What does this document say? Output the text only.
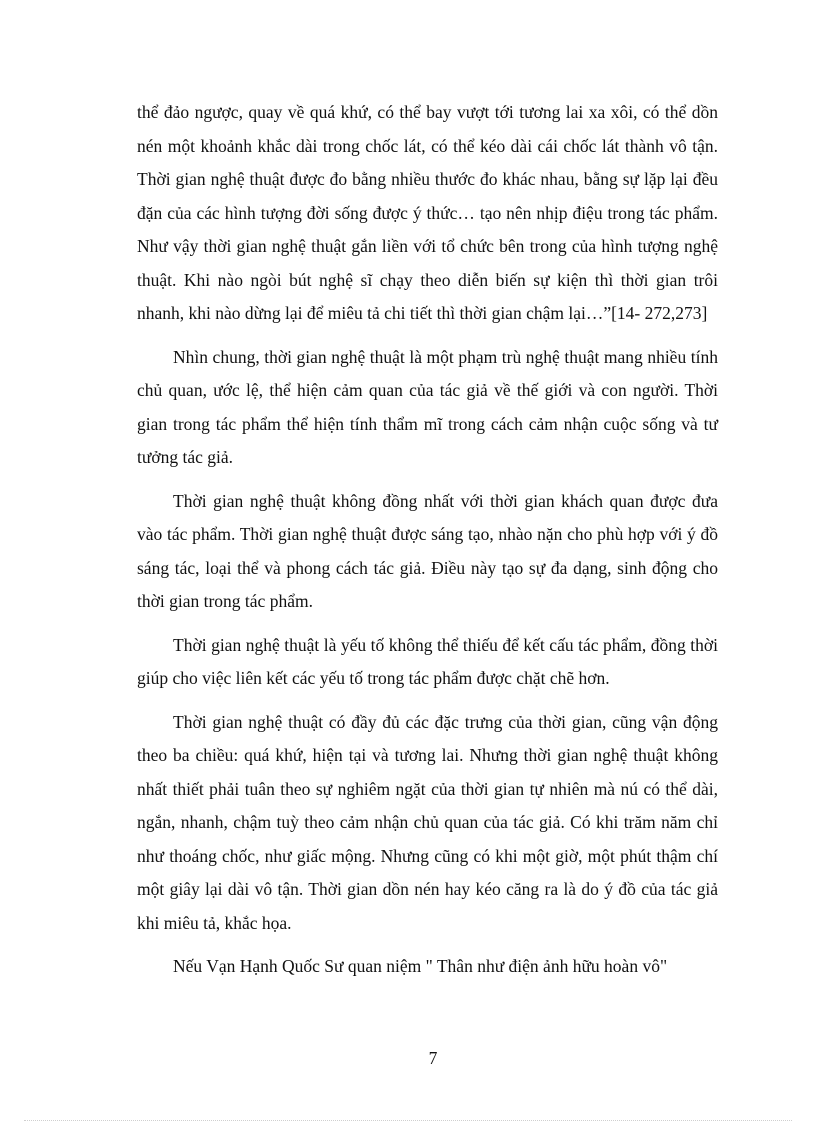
thể đảo ngược, quay về quá khứ, có thể bay vượt tới tương lai xa xôi, có thể dồn nén một khoảnh khắc dài trong chốc lát, có thể kéo dài cái chốc lát thành vô tận. Thời gian nghệ thuật được đo bằng nhiều thước đo khác nhau, bằng sự lặp lại đều đặn của các hình tượng đời sống được ý thức… tạo nên nhịp điệu trong tác phẩm. Như vậy thời gian nghệ thuật gắn liền với tổ chức bên trong của hình tượng nghệ thuật. Khi nào ngòi bút nghệ sĩ chạy theo diễn biến sự kiện thì thời gian trôi nhanh, khi nào dừng lại để miêu tả chi tiết thì thời gian chậm lại…”[14- 272,273]

Nhìn chung, thời gian nghệ thuật là một phạm trù nghệ thuật mang nhiều tính chủ quan, ước lệ, thể hiện cảm quan của tác giả về thế giới và con người. Thời gian trong tác phẩm thể hiện tính thẩm mĩ trong cách cảm nhận cuộc sống và tư tưởng tác giả.

Thời gian nghệ thuật không đồng nhất với thời gian khách quan được đưa vào tác phẩm. Thời gian nghệ thuật được sáng tạo, nhào nặn cho phù hợp với ý đồ sáng tác, loại thể và phong cách tác giả. Điều này tạo sự đa dạng, sinh động cho thời gian trong tác phẩm.

Thời gian nghệ thuật là yếu tố không thể thiếu để kết cấu tác phẩm, đồng thời giúp cho việc liên kết các yếu tố trong tác phẩm được chặt chẽ hơn.

Thời gian nghệ thuật có đầy đủ các đặc trưng của thời gian, cũng vận động theo ba chiều: quá khứ, hiện tại và tương lai. Nhưng thời gian nghệ thuật không nhất thiết phải tuân theo sự nghiêm ngặt của thời gian tự nhiên mà nú có thể dài, ngắn, nhanh, chậm tuỳ theo cảm nhận chủ quan của tác giả. Có khi trăm năm chỉ như thoáng chốc, như giấc mộng. Nhưng cũng có khi một giờ, một phút thậm chí một giây lại dài vô tận. Thời gian dồn nén hay kéo căng ra là do ý đồ của tác giả khi miêu tả, khắc họa.

Nếu Vạn Hạnh Quốc Sư quan niệm " Thân như điện ảnh hữu hoàn vô"

7
